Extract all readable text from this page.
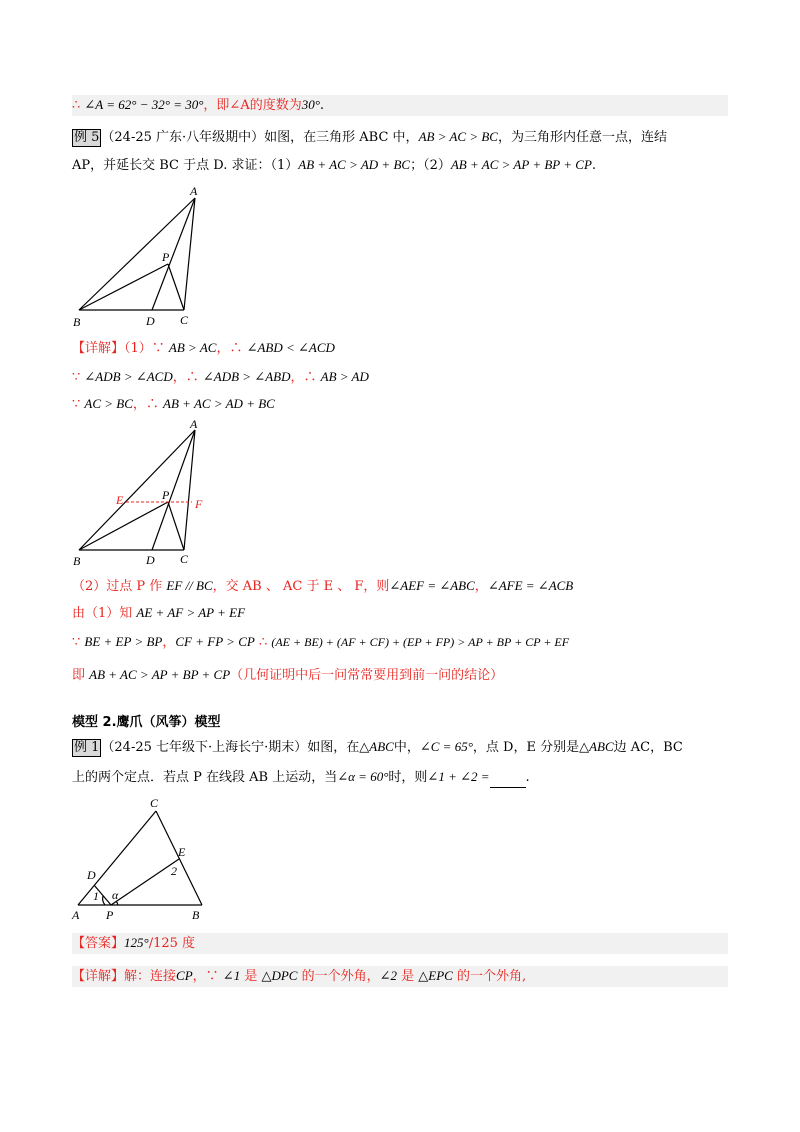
∴ ∠A = 62° − 32° = 30°，即∠A的度数为30°.
例 5 （24-25 广东·八年级期中）如图，在三角形 ABC 中，AB > AC > BC，为三角形内任意一点，连结
AP，并延长交 BC 于点 D. 求证：（1）AB + AC > AD + BC；（2）AB + AC > AP + BP + CP.
A
B	C
D
P
【详解】（1）∵ AB > AC，∴ ∠ABD < ∠ACD
∵ ∠ADB > ∠ACD，∴ ∠ADB > ∠ABD，∴ AB > AD
∵ AC > BC，∴ AB + AC > AD + BC
A
B	C
D
P
E	F
（2）过点 P 作 EF // BC，交 AB 、 AC 于 E 、 F，则∠AEF = ∠ABC，∠AFE = ∠ACB
由（1）知 AE + AF > AP + EF
∵ BE + EP > BP，CF + FP > CP ∴ (AE + BE) + (AF + CF) + (EP + FP) > AP + BP + CP + EF
即 AB + AC > AP + BP + CP（几何证明中后一问常常要用到前一问的结论）
模型 2.鹰爪（风筝）模型
例 1 （24-25 七年级下·上海长宁·期末）如图，在△ABC中，∠C = 65°，点 D，E 分别是△ABC边 AC，BC
上的两个定点．若点 P 在线段 AB 上运动，当∠α = 60°时，则∠1 + ∠2 =	.
C
A	B
P
D
E
1
2
α
【答案】125°/125 度
【详解】解：连接CP，∵ ∠1 是 △DPC 的一个外角，∠2 是 △EPC 的一个外角,
